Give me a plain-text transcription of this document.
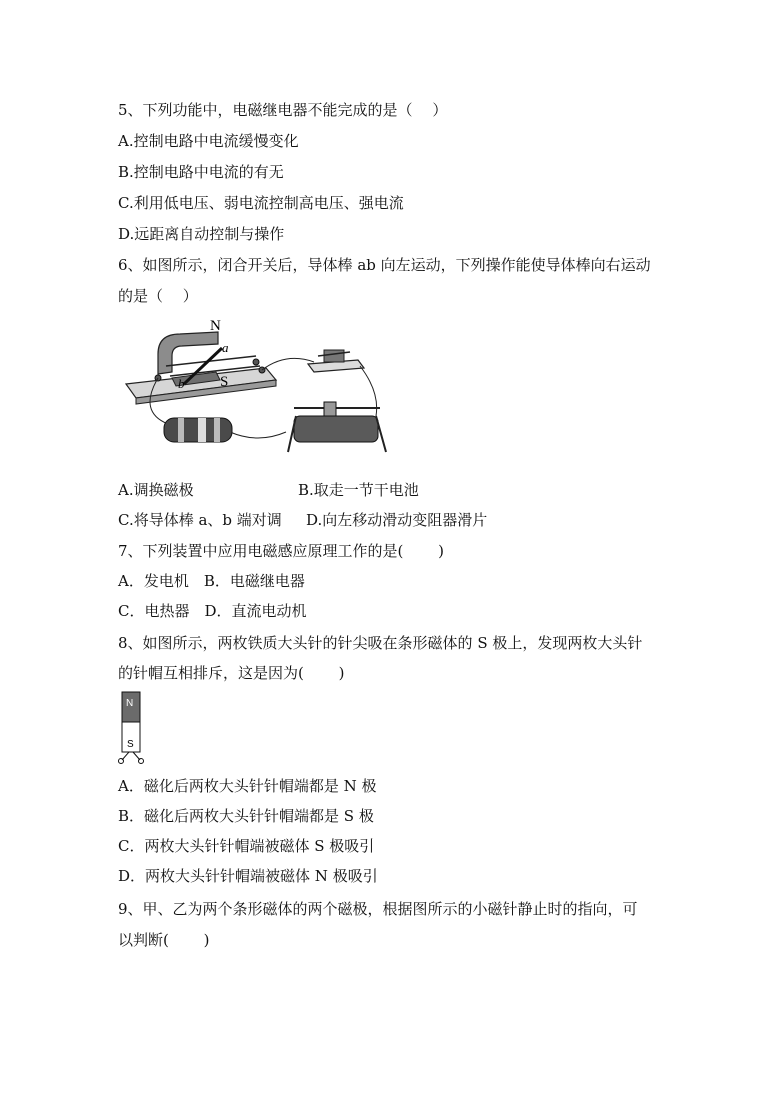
5、下列功能中，电磁继电器不能完成的是（　 ）
A.控制电路中电流缓慢变化
B.控制电路中电流的有无
C.利用低电压、弱电流控制高电压、强电流
D.远距离自动控制与操作
6、如图所示，闭合开关后，导体棒 ab 向左运动，下列操作能使导体棒向右运动
的是（　 ）
N
S
a
b
A.调换磁极	B.取走一节干电池
C.将导体棒 a、b 端对调 D.向左移动滑动变阻器滑片
7、下列装置中应用电磁感应原理工作的是(　　 )
A．发电机　B．电磁继电器
C．电热器　D．直流电动机
8、如图所示，两枚铁质大头针的针尖吸在条形磁体的 S 极上，发现两枚大头针
的针帽互相排斥，这是因为(　　 )
N
S
A．磁化后两枚大头针针帽端都是 N 极
B．磁化后两枚大头针针帽端都是 S 极
C．两枚大头针针帽端被磁体 S 极吸引
D．两枚大头针针帽端被磁体 N 极吸引
9、甲、乙为两个条形磁体的两个磁极，根据图所示的小磁针静止时的指向，可
以判断(　　 )
